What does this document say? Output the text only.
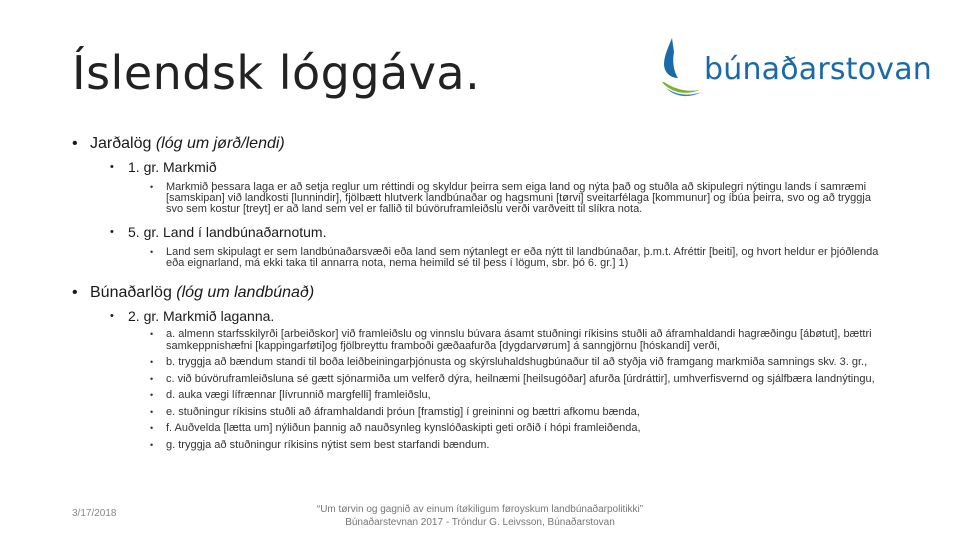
Íslendsk lóggáva.	búnaðarstovan
• Jarðalög (lóg um jørð/lendi)
• 1. gr. Markmið
• Markmið þessara laga er að setja reglur um réttindi og skyldur þeirra sem eiga land og nýta það og stuðla að skipulegri nýtingu lands í samræmi [samskipan] við landkosti [lunnindir], fjölbætt hlutverk landbúnaðar og hagsmuni [tørvi] sveitarfélaga [kommunur] og íbúa þeirra, svo og að tryggja svo sem kostur [treyt] er að land sem vel er fallið til búvöruframleiðslu verði varðveitt til slíkra nota.
• 5. gr. Land í landbúnaðarnotum.
• Land sem skipulagt er sem landbúnaðarsvæði eða land sem nýtanlegt er eða nýtt til landbúnaðar, þ.m.t. Afréttir [beiti], og hvort heldur er þjóðlenda eða eignarland, má ekki taka til annarra nota, nema heimild sé til þess í lögum, sbr. þó 6. gr.] 1)
• Búnaðarlög (lóg um landbúnað)
• 2. gr. Markmið laganna.
• a. almenn starfsskilyrði [arbeiðskor] við framleiðslu og vinnslu búvara ásamt stuðningi ríkisins stuðli að áframhaldandi hagræðingu [ábøtut], bættri samkeppnishæfni [kappingarføti]og fjölbreyttu framboði gæðaafurða [dygdarvørum] á sanngjörnu [hóskandi] verði,
• b. tryggja að bændum standi til boða leiðbeiningarþjónusta og skýrsluhaldshugbúnaður til að styðja við framgang markmiða samnings skv. 3. gr.,
• c. við búvöruframleiðsluna sé gætt sjónarmiða um velferð dýra, heilnæmi [heilsugóðar] afurða [úrdráttir], umhverfisvernd og sjálfbæra landnýtingu,
• d. auka vægi lífrænnar [lívrunnið margfelli] framleiðslu,
• e. stuðningur ríkisins stuðli að áframhaldandi þróun [framstig] í greininni og bættri afkomu bænda,
• f. Auðvelda [lætta um] nýliðun þannig að nauðsynleg kynslóðaskipti geti orðið í hópi framleiðenda,
• g. tryggja að stuðningur ríkisins nýtist sem best starfandi bændum.
3/17/2018	“Um tørvin og gagnið av einum ítøkiligum føroyskum landbúnaðarpolitikki”
Búnaðarstevnan 2017 - Tróndur G. Leivsson, Búnaðarstovan
